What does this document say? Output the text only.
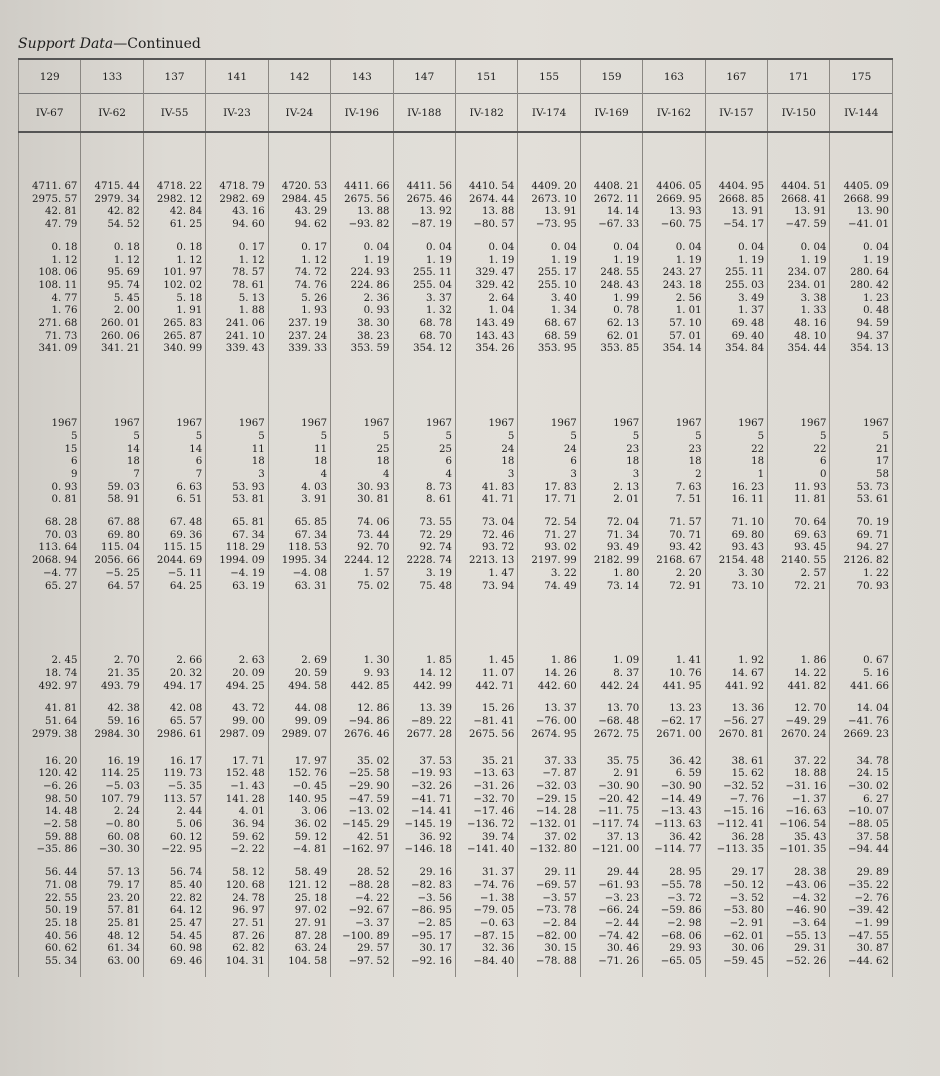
Support Data—Continued
129	133	137	141	142	143	147	151	155	159	163	167	171	175
IV-67	IV-62	IV-55	IV-23	IV-24	IV-196	IV-188	IV-182	IV-174	IV-169	IV-162	IV-157	IV-150	IV-144

4711. 67	4715. 44	4718. 22	4718. 79	4720. 53	4411. 66	4411. 56	4410. 54	4409. 20	4408. 21	4406. 05	4404. 95	4404. 51	4405. 09
2975. 57	2979. 34	2982. 12	2982. 69	2984. 45	2675. 56	2675. 46	2674. 44	2673. 10	2672. 11	2669. 95	2668. 85	2668. 41	2668. 99
42. 81	42. 82	42. 84	43. 16	43. 29	13. 88	13. 92	13. 88	13. 91	14. 14	13. 93	13. 91	13. 91	13. 90
47. 79	54. 52	61. 25	94. 60	94. 62	−93. 82	−87. 19	−80. 57	−73. 95	−67. 33	−60. 75	−54. 17	−47. 59	−41. 01

0. 18	0. 18	0. 18	0. 17	0. 17	0. 04	0. 04	0. 04	0. 04	0. 04	0. 04	0. 04	0. 04	0. 04
1. 12	1. 12	1. 12	1. 12	1. 12	1. 19	1. 19	1. 19	1. 19	1. 19	1. 19	1. 19	1. 19	1. 19
108. 06	95. 69	101. 97	78. 57	74. 72	224. 93	255. 11	329. 47	255. 17	248. 55	243. 27	255. 11	234. 07	280. 64
108. 11	95. 74	102. 02	78. 61	74. 76	224. 86	255. 04	329. 42	255. 10	248. 43	243. 18	255. 03	234. 01	280. 42
4. 77	5. 45	5. 18	5. 13	5. 26	2. 36	3. 37	2. 64	3. 40	1. 99	2. 56	3. 49	3. 38	1. 23
1. 76	2. 00	1. 91	1. 88	1. 93	0. 93	1. 32	1. 04	1. 34	0. 78	1. 01	1. 37	1. 33	0. 48
271. 68	260. 01	265. 83	241. 06	237. 19	38. 30	68. 78	143. 49	68. 67	62. 13	57. 10	69. 48	48. 16	94. 59
71. 73	260. 06	265. 87	241. 10	237. 24	38. 23	68. 70	143. 43	68. 59	62. 01	57. 01	69. 40	48. 10	94. 37
341. 09	341. 21	340. 99	339. 43	339. 33	353. 59	354. 12	354. 26	353. 95	353. 85	354. 14	354. 84	354. 44	354. 13

1967	1967	1967	1967	1967	1967	1967	1967	1967	1967	1967	1967	1967	1967
5	5	5	5	5	5	5	5	5	5	5	5	5	5
15	14	14	11	11	25	25	24	24	23	23	22	22	21
6	18	6	18	18	18	6	18	6	18	18	18	6	17
9	7	7	3	4	4	4	3	3	3	2	1	0	58
0. 93	59. 03	6. 63	53. 93	4. 03	30. 93	8. 73	41. 83	17. 83	2. 13	7. 63	16. 23	11. 93	53. 73
0. 81	58. 91	6. 51	53. 81	3. 91	30. 81	8. 61	41. 71	17. 71	2. 01	7. 51	16. 11	11. 81	53. 61

68. 28	67. 88	67. 48	65. 81	65. 85	74. 06	73. 55	73. 04	72. 54	72. 04	71. 57	71. 10	70. 64	70. 19
70. 03	69. 80	69. 36	67. 34	67. 34	73. 44	72. 29	72. 46	71. 27	71. 34	70. 71	69. 80	69. 63	69. 71
113. 64	115. 04	115. 15	118. 29	118. 53	92. 70	92. 74	93. 72	93. 02	93. 49	93. 42	93. 43	93. 45	94. 27
2068. 94	2056. 66	2044. 69	1994. 09	1995. 34	2244. 12	2228. 74	2213. 13	2197. 99	2182. 99	2168. 67	2154. 48	2140. 55	2126. 82
−4. 77	−5. 25	−5. 11	−4. 19	−4. 08	1. 57	3. 19	1. 47	3. 22	1. 80	2. 20	3. 30	2. 57	1. 22
65. 27	64. 57	64. 25	63. 19	63. 31	75. 02	75. 48	73. 94	74. 49	73. 14	72. 91	73. 10	72. 21	70. 93

2. 45	2. 70	2. 66	2. 63	2. 69	1. 30	1. 85	1. 45	1. 86	1. 09	1. 41	1. 92	1. 86	0. 67
18. 74	21. 35	20. 32	20. 09	20. 59	9. 93	14. 12	11. 07	14. 26	8. 37	10. 76	14. 67	14. 22	5. 16
492. 97	493. 79	494. 17	494. 25	494. 58	442. 85	442. 99	442. 71	442. 60	442. 24	441. 95	441. 92	441. 82	441. 66

41. 81	42. 38	42. 08	43. 72	44. 08	12. 86	13. 39	15. 26	13. 37	13. 70	13. 23	13. 36	12. 70	14. 04
51. 64	59. 16	65. 57	99. 00	99. 09	−94. 86	−89. 22	−81. 41	−76. 00	−68. 48	−62. 17	−56. 27	−49. 29	−41. 76
2979. 38	2984. 30	2986. 61	2987. 09	2989. 07	2676. 46	2677. 28	2675. 56	2674. 95	2672. 75	2671. 00	2670. 81	2670. 24	2669. 23

16. 20	16. 19	16. 17	17. 71	17. 97	35. 02	37. 53	35. 21	37. 33	35. 75	36. 42	38. 61	37. 22	34. 78
120. 42	114. 25	119. 73	152. 48	152. 76	−25. 58	−19. 93	−13. 63	−7. 87	2. 91	6. 59	15. 62	18. 88	24. 15
−6. 26	−5. 03	−5. 35	−1. 43	−0. 45	−29. 90	−32. 26	−31. 26	−32. 03	−30. 90	−30. 90	−32. 52	−31. 16	−30. 02
98. 50	107. 79	113. 57	141. 28	140. 95	−47. 59	−41. 71	−32. 70	−29. 15	−20. 42	−14. 49	−7. 76	−1. 37	6. 27
14. 48	2. 24	2. 44	4. 01	3. 06	−13. 02	−14. 41	−17. 46	−14. 28	−11. 75	−13. 43	−15. 16	−16. 63	−10. 07
−2. 58	−0. 80	5. 06	36. 94	36. 02	−145. 29	−145. 19	−136. 72	−132. 01	−117. 74	−113. 63	−112. 41	−106. 54	−88. 05
59. 88	60. 08	60. 12	59. 62	59. 12	42. 51	36. 92	39. 74	37. 02	37. 13	36. 42	36. 28	35. 43	37. 58
−35. 86	−30. 30	−22. 95	−2. 22	−4. 81	−162. 97	−146. 18	−141. 40	−132. 80	−121. 00	−114. 77	−113. 35	−101. 35	−94. 44

56. 44	57. 13	56. 74	58. 12	58. 49	28. 52	29. 16	31. 37	29. 11	29. 44	28. 95	29. 17	28. 38	29. 89
71. 08	79. 17	85. 40	120. 68	121. 12	−88. 28	−82. 83	−74. 76	−69. 57	−61. 93	−55. 78	−50. 12	−43. 06	−35. 22
22. 55	23. 20	22. 82	24. 78	25. 18	−4. 22	−3. 56	−1. 38	−3. 57	−3. 23	−3. 72	−3. 52	−4. 32	−2. 76
50. 19	57. 81	64. 12	96. 97	97. 02	−92. 67	−86. 95	−79. 05	−73. 78	−66. 24	−59. 86	−53. 80	−46. 90	−39. 42
25. 18	25. 81	25. 47	27. 51	27. 91	−3. 37	−2. 85	−0. 63	−2. 84	−2. 44	−2. 98	−2. 91	−3. 64	−1. 99
40. 56	48. 12	54. 45	87. 26	87. 28	−100. 89	−95. 17	−87. 15	−82. 00	−74. 42	−68. 06	−62. 01	−55. 13	−47. 55
60. 62	61. 34	60. 98	62. 82	63. 24	29. 57	30. 17	32. 36	30. 15	30. 46	29. 93	30. 06	29. 31	30. 87
55. 34	63. 00	69. 46	104. 31	104. 58	−97. 52	−92. 16	−84. 40	−78. 88	−71. 26	−65. 05	−59. 45	−52. 26	−44. 62
